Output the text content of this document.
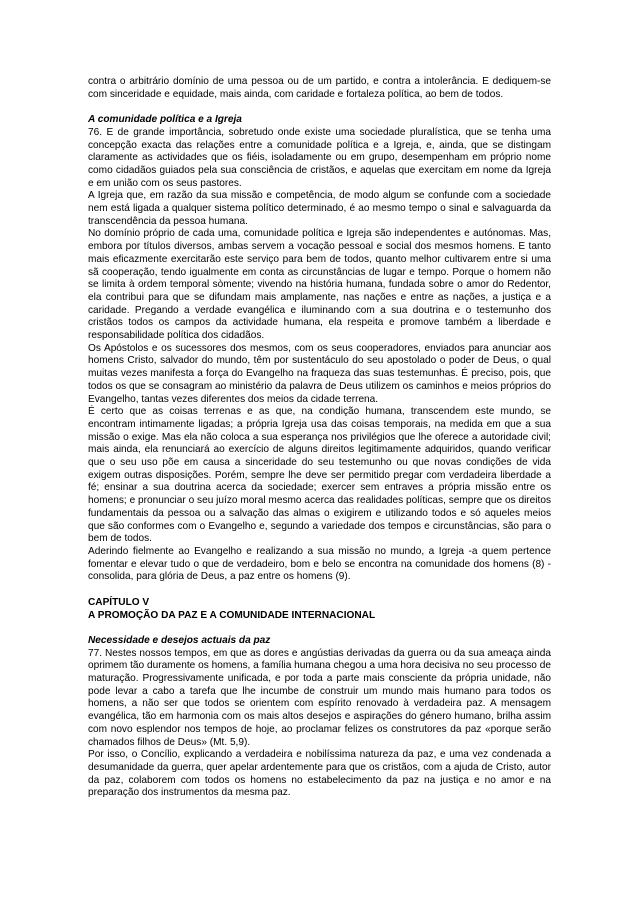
contra o arbitrário domínio de uma pessoa ou de um partido, e contra a intolerância. E dediquem-se com sinceridade e equidade, mais ainda, com caridade e fortaleza política, ao bem de todos.

A comunidade política e a Igreja

76. E de grande importância, sobretudo onde existe uma sociedade pluralística, que se tenha uma concepção exacta das relações entre a comunidade política e a Igreja, e, ainda, que se distingam claramente as actividades que os fiéis, isoladamente ou em grupo, desempenham em próprio nome como cidadãos guiados pela sua consciência de cristãos, e aquelas que exercitam em nome da Igreja e em união com os seus pastores.

A Igreja que, em razão da sua missão e competência, de modo algum se confunde com a sociedade nem está ligada a qualquer sistema político determinado, é ao mesmo tempo o sinal e salvaguarda da transcendência da pessoa humana.

No domínio próprio de cada uma, comunidade política e Igreja são independentes e autónomas. Mas, embora por títulos diversos, ambas servem a vocação pessoal e social dos mesmos homens. E tanto mais eficazmente exercitarão este serviço para bem de todos, quanto melhor cultivarem entre si uma sã cooperação, tendo igualmente em conta as circunstâncias de lugar e tempo. Porque o homem não se limita à ordem temporal sòmente; vivendo na história humana, fundada sobre o amor do Redentor, ela contribui para que se difundam mais amplamente, nas nações e entre as nações, a justiça e a caridade. Pregando a verdade evangélica e iluminando com a sua doutrina e o testemunho dos cristãos todos os campos da actividade humana, ela respeita e promove também a liberdade e responsabilidade política dos cidadãos.

Os Apóstolos e os sucessores dos mesmos, com os seus cooperadores, enviados para anunciar aos homens Cristo, salvador do mundo, têm por sustentáculo do seu apostolado o poder de Deus, o qual muitas vezes manifesta a força do Evangelho na fraqueza das suas testemunhas. É preciso, pois, que todos os que se consagram ao ministério da palavra de Deus utilizem os caminhos e meios próprios do Evangelho, tantas vezes diferentes dos meios da cidade terrena.

É certo que as coisas terrenas e as que, na condição humana, transcendem este mundo, se encontram intimamente ligadas; a própria Igreja usa das coisas temporais, na medida em que a sua missão o exige. Mas ela não coloca a sua esperança nos privilégios que lhe oferece a autoridade civil; mais ainda, ela renunciará ao exercício de alguns direitos legitimamente adquiridos, quando verificar que o seu uso põe em causa a sinceridade do seu testemunho ou que novas condições de vida exigem outras disposições. Porém, sempre lhe deve ser permitido pregar com verdadeira liberdade a fé; ensinar a sua doutrina acerca da sociedade; exercer sem entraves a própria missão entre os homens; e pronunciar o seu juízo moral mesmo acerca das realidades políticas, sempre que os direitos fundamentais da pessoa ou a salvação das almas o exigirem e utilizando todos e só aqueles meios que são conformes com o Evangelho e, segundo a variedade dos tempos e circunstâncias, são para o bem de todos.

Aderindo fielmente ao Evangelho e realizando a sua missão no mundo, a Igreja -a quem pertence fomentar e elevar tudo o que de verdadeiro, bom e belo se encontra na comunidade dos homens (8) - consolida, para glória de Deus, a paz entre os homens (9).

CAPÍTULO V

A PROMOÇÃO DA PAZ E A COMUNIDADE INTERNACIONAL

Necessidade e desejos actuais da paz

77. Nestes nossos tempos, em que as dores e angústias derivadas da guerra ou da sua ameaça ainda oprimem tão duramente os homens, a família humana chegou a uma hora decisiva no seu processo de maturação. Progressivamente unificada, e por toda a parte mais consciente da própria unidade, não pode levar a cabo a tarefa que lhe incumbe de construir um mundo mais humano para todos os homens, a não ser que todos se orientem com espírito renovado à verdadeira paz. A mensagem evangélica, tão em harmonia com os mais altos desejos e aspirações do género humano, brilha assim com novo esplendor nos tempos de hoje, ao proclamar felizes os construtores da paz «porque serão chamados filhos de Deus» (Mt. 5,9).

Por isso, o Concílio, explicando a verdadeira e nobilíssima natureza da paz, e uma vez condenada a desumanidade da guerra, quer apelar ardentemente para que os cristãos, com a ajuda de Cristo, autor da paz, colaborem com todos os homens no estabelecimento da paz na justiça e no amor e na preparação dos instrumentos da mesma paz.
